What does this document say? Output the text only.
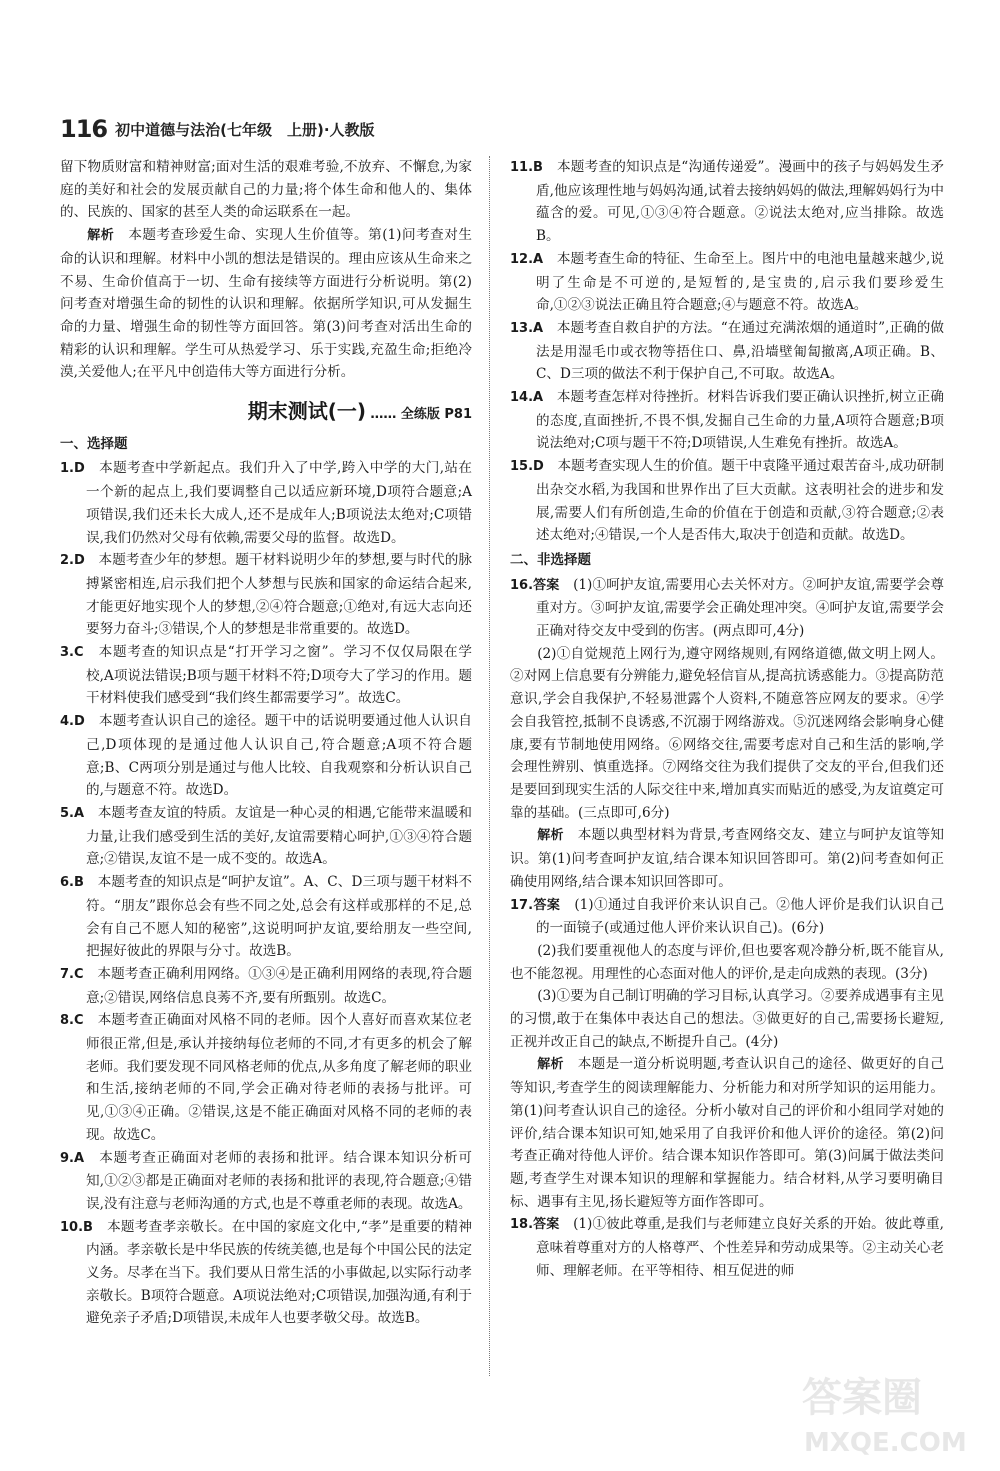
116 初中道德与法治(七年级　上册)·人教版

留下物质财富和精神财富;面对生活的艰难考验,不放弃、不懈怠,为家庭的美好和社会的发展贡献自己的力量;将个体生命和他人的、集体的、民族的、国家的甚至人类的命运联系在一起。

解析　 本题考查珍爱生命、实现人生价值等。第(1)问考查对生命的认识和理解。材料中小凯的想法是错误的。理由应该从生命来之不易、生命价值高于一切、生命有接续等方面进行分析说明。第(2)问考查对增强生命的韧性的认识和理解。依据所学知识,可从发掘生命的力量、增强生命的韧性等方面回答。第(3)问考查对活出生命的精彩的认识和理解。学生可从热爱学习、乐于实践,充盈生命;拒绝冷漠,关爱他人;在平凡中创造伟大等方面进行分析。

期末测试(一) …… 全练版 P81
一、选择题

1.D　 本题考查中学新起点。我们升入了中学,跨入中学的大门,站在一个新的起点上,我们要调整自己以适应新环境,D项符合题意;A项错误,我们还未长大成人,还不是成年人;B项说法太绝对;C项错误,我们仍然对父母有依赖,需要父母的监督。故选D。

2.D　 本题考查少年的梦想。题干材料说明少年的梦想,要与时代的脉搏紧密相连,启示我们把个人梦想与民族和国家的命运结合起来,才能更好地实现个人的梦想,②④符合题意;①绝对,有远大志向还要努力奋斗;③错误,个人的梦想是非常重要的。故选D。

3.C　 本题考查的知识点是“打开学习之窗”。学习不仅仅局限在学校,A项说法错误;B项与题干材料不符;D项夸大了学习的作用。题干材料使我们感受到“我们终生都需要学习”。故选C。

4.D　 本题考查认识自己的途径。题干中的话说明要通过他人认识自己,D项体现的是通过他人认识自己,符合题意;A项不符合题意;B、C两项分别是通过与他人比较、自我观察和分析认识自己的,与题意不符。故选D。

5.A　 本题考查友谊的特质。友谊是一种心灵的相遇,它能带来温暖和力量,让我们感受到生活的美好,友谊需要精心呵护,①③④符合题意;②错误,友谊不是一成不变的。故选A。

6.B　 本题考查的知识点是“呵护友谊”。A、C、D三项与题干材料不符。“朋友”跟你总会有些不同之处,总会有这样或那样的不足,总会有自己不愿人知的秘密”,这说明呵护友谊,要给朋友一些空间,把握好彼此的界限与分寸。故选B。

7.C　 本题考查正确利用网络。①③④是正确利用网络的表现,符合题意;②错误,网络信息良莠不齐,要有所甄别。故选C。

8.C　 本题考查正确面对风格不同的老师。因个人喜好而喜欢某位老师很正常,但是,承认并接纳每位老师的不同,才有更多的机会了解老师。我们要发现不同风格老师的优点,从多角度了解老师的职业和生活,接纳老师的不同,学会正确对待老师的表扬与批评。可见,①③④正确。②错误,这是不能正确面对风格不同的老师的表现。故选C。

9.A　 本题考查正确面对老师的表扬和批评。结合课本知识分析可知,①②③都是正确面对老师的表扬和批评的表现,符合题意;④错误,没有注意与老师沟通的方式,也是不尊重老师的表现。故选A。

10.B　 本题考查孝亲敬长。在中国的家庭文化中,“孝”是重要的精神内涵。孝亲敬长是中华民族的传统美德,也是每个中国公民的法定义务。尽孝在当下。我们要从日常生活的小事做起,以实际行动孝亲敬长。B项符合题意。A项说法绝对;C项错误,加强沟通,有利于避免亲子矛盾;D项错误,未成年人也要孝敬父母。故选B。

11.B　 本题考查的知识点是“沟通传递爱”。漫画中的孩子与妈妈发生矛盾,他应该理性地与妈妈沟通,试着去接纳妈妈的做法,理解妈妈行为中蕴含的爱。可见,①③④符合题意。②说法太绝对,应当排除。故选B。

12.A　 本题考查生命的特征、生命至上。图片中的电池电量越来越少,说明了生命是不可逆的,是短暂的,是宝贵的,启示我们要珍爱生命,①②③说法正确且符合题意;④与题意不符。故选A。

13.A　 本题考查自救自护的方法。“在通过充满浓烟的通道时”,正确的做法是用湿毛巾或衣物等捂住口、鼻,沿墙壁匍匐撤离,A项正确。B、C、D三项的做法不利于保护自己,不可取。故选A。

14.A　 本题考查怎样对待挫折。材料告诉我们要正确认识挫折,树立正确的态度,直面挫折,不畏不惧,发掘自己生命的力量,A项符合题意;B项说法绝对;C项与题干不符;D项错误,人生难免有挫折。故选A。

15.D　 本题考查实现人生的价值。题干中袁隆平通过艰苦奋斗,成功研制出杂交水稻,为我国和世界作出了巨大贡献。这表明社会的进步和发展,需要人们有所创造,生命的价值在于创造和贡献,③符合题意;②表述太绝对;④错误,一个人是否伟大,取决于创造和贡献。故选D。

二、非选择题

16.答案　 (1)①呵护友谊,需要用心去关怀对方。②呵护友谊,需要学会尊重对方。③呵护友谊,需要学会正确处理冲突。④呵护友谊,需要学会正确对待交友中受到的伤害。(两点即可,4分)

(2)①自觉规范上网行为,遵守网络规则,有网络道德,做文明上网人。②对网上信息要有分辨能力,避免轻信盲从,提高抗诱惑能力。③提高防范意识,学会自我保护,不轻易泄露个人资料,不随意答应网友的要求。④学会自我管控,抵制不良诱惑,不沉溺于网络游戏。⑤沉迷网络会影响身心健康,要有节制地使用网络。⑥网络交往,需要考虑对自己和生活的影响,学会理性辨别、慎重选择。⑦网络交往为我们提供了交友的平台,但我们还是要回到现实生活的人际交往中来,增加真实而贴近的感受,为友谊奠定可靠的基础。(三点即可,6分)

解析　 本题以典型材料为背景,考查网络交友、建立与呵护友谊等知识。第(1)问考查呵护友谊,结合课本知识回答即可。第(2)问考查如何正确使用网络,结合课本知识回答即可。

17.答案　 (1)①通过自我评价来认识自己。②他人评价是我们认识自己的一面镜子(或通过他人评价来认识自己)。(6分)

(2)我们要重视他人的态度与评价,但也要客观冷静分析,既不能盲从,也不能忽视。用理性的心态面对他人的评价,是走向成熟的表现。(3分)

(3)①要为自己制订明确的学习目标,认真学习。②要养成遇事有主见的习惯,敢于在集体中表达自己的想法。③做更好的自己,需要扬长避短,正视并改正自己的缺点,不断提升自己。(4分)

解析　 本题是一道分析说明题,考查认识自己的途径、做更好的自己等知识,考查学生的阅读理解能力、分析能力和对所学知识的运用能力。第(1)问考查认识自己的途径。分析小敏对自己的评价和小组同学对她的评价,结合课本知识可知,她采用了自我评价和他人评价的途径。第(2)问考查正确对待他人评价。结合课本知识作答即可。第(3)问属于做法类问题,考查学生对课本知识的理解和掌握能力。结合材料,从学习要明确目标、遇事有主见,扬长避短等方面作答即可。

18.答案　 (1)①彼此尊重,是我们与老师建立良好关系的开始。彼此尊重,意味着尊重对方的人格尊严、个性差异和劳动成果等。②主动关心老师、理解老师。在平等相待、相互促进的师

答案圈
MXQE.COM
